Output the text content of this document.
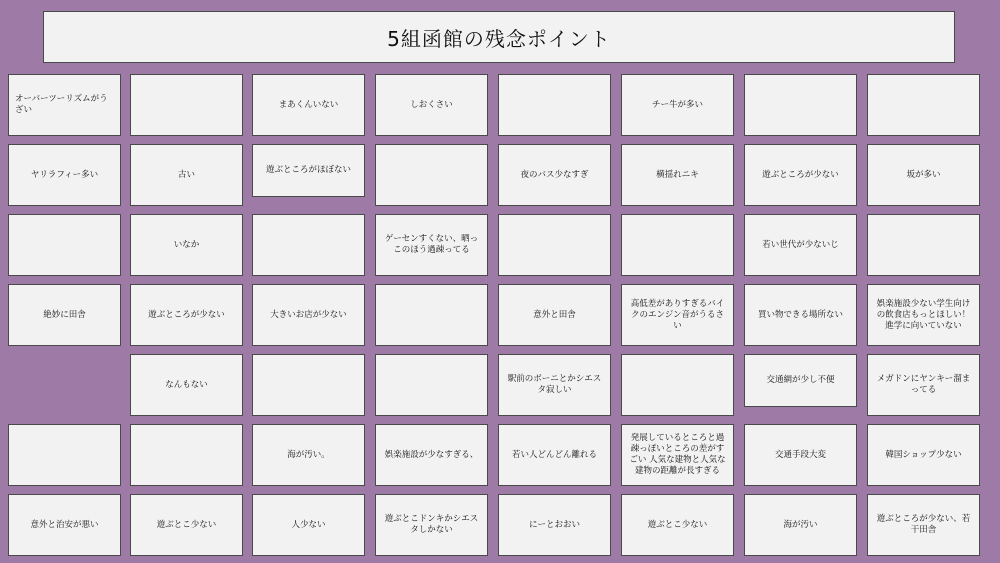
5組函館の残念ポイント
オーバーツーリズムがうざい
まあくんいない	しおくさい	チー牛が多い
ヤリラフィー多い	古い	遊ぶところがほぼない	夜のバス少なすぎ	横揺れニキ	遊ぶところが少ない	坂が多い
いなか
ゲーセンすくない、晒っこのほう過疎ってる
若い世代が少ないじ
絶妙に田舎	遊ぶところが少ない	大きいお店が少ない	意外と田舎
高低差がありすぎるバイクのエンジン音がうるさい
買い物できる場所ない
娯楽施設少ない学生向けの飲食店もっとほしい！進学に向いていない
なんもない
駅前のボーニとかシエスタ寂しい
交通網が少し不便	メガドンにヤンキー溜まってる
海が汚い。	娯楽施設が少なすぎる、	若い人どんどん離れる
発展しているところと過疎っぽいところの差がすごい 人気な建物と人気な建物の距離が長すぎる
交通手段大変	韓国ショップ少ない
意外と治安が悪い	遊ぶとこ少ない	人少ない
遊ぶとこドンキかシエスタしかない
にーとおおい	遊ぶとこ少ない	海が汚い
遊ぶところが少ない、若干田舎
